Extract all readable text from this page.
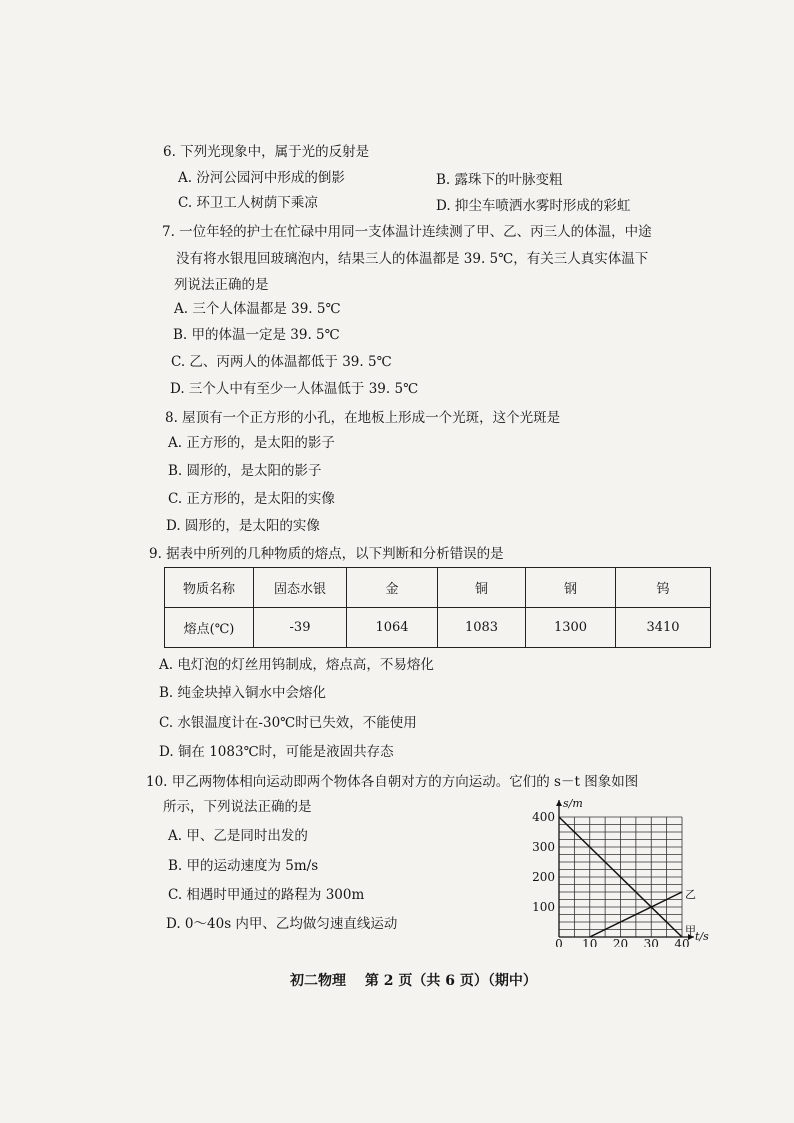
6. 下列光现象中，属于光的反射是
A. 汾河公园河中形成的倒影	B. 露珠下的叶脉变粗
C. 环卫工人树荫下乘凉	D. 抑尘车喷洒水雾时形成的彩虹
7. 一位年轻的护士在忙碌中用同一支体温计连续测了甲、乙、丙三人的体温，中途
没有将水银甩回玻璃泡内，结果三人的体温都是 39. 5℃，有关三人真实体温下
列说法正确的是
A. 三个人体温都是 39. 5℃
B. 甲的体温一定是 39. 5℃
C. 乙、丙两人的体温都低于 39. 5℃
D. 三个人中有至少一人体温低于 39. 5℃
8. 屋顶有一个正方形的小孔，在地板上形成一个光斑，这个光斑是
A. 正方形的，是太阳的影子
B. 圆形的，是太阳的影子
C. 正方形的，是太阳的实像
D. 圆形的，是太阳的实像
9. 据表中所列的几种物质的熔点，以下判断和分析错误的是
物质名称	固态水银	金	铜	钢	钨
熔点(℃)	-39	1064	1083	1300	3410
A. 电灯泡的灯丝用钨制成，熔点高，不易熔化
B. 纯金块掉入铜水中会熔化
C. 水银温度计在-30℃时已失效，不能使用
D. 铜在 1083℃时，可能是液固共存态
10. 甲乙两物体相向运动即两个物体各自朝对方的方向运动。它们的 s－t 图象如图
所示，下列说法正确的是
A. 甲、乙是同时出发的
B. 甲的运动速度为 5m/s
C. 相遇时甲通过的路程为 300m
D. 0～40s 内甲、乙均做匀速直线运动
100
200
300
400
0 10 20 30 40
s/m
t/s
甲
乙
初二物理　 第 2 页（共 6 页）（期中）
